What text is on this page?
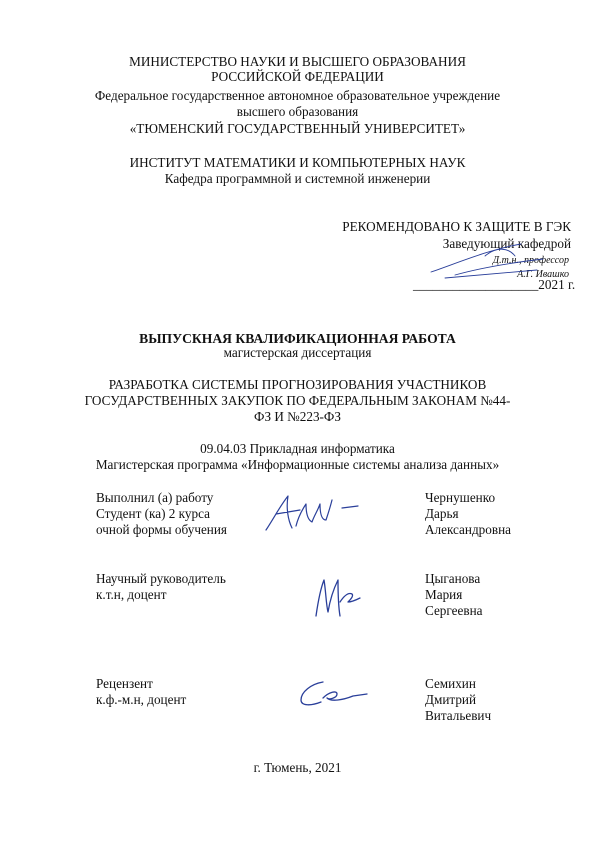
МИНИСТЕРСТВО НАУКИ И ВЫСШЕГО ОБРАЗОВАНИЯ
РОССИЙСКОЙ ФЕДЕРАЦИИ
Федеральное государственное автономное образовательное учреждение
высшего образования
«ТЮМЕНСКИЙ ГОСУДАРСТВЕННЫЙ УНИВЕРСИТЕТ»
ИНСТИТУТ МАТЕМАТИКИ И КОМПЬЮТЕРНЫХ НАУК
Кафедра программной и системной инженерии
РЕКОМЕНДОВАНО К ЗАЩИТЕ В ГЭК
Заведующий кафедрой
Д.т.н., профессор
А.Г. Ивашко
___________________2021 г.
ВЫПУСКНАЯ КВАЛИФИКАЦИОННАЯ РАБОТА
магистерская диссертация
РАЗРАБОТКА СИСТЕМЫ ПРОГНОЗИРОВАНИЯ УЧАСТНИКОВ
ГОСУДАРСТВЕННЫХ ЗАКУПОК ПО ФЕДЕРАЛЬНЫМ ЗАКОНАМ №44-
ФЗ И №223-ФЗ
09.04.03 Прикладная информатика
Магистерская программа «Информационные системы анализа данных»
Выполнил (а) работу
Студент (ка) 2 курса
очной формы обучения
Чернушенко
Дарья
Александровна
Научный руководитель
к.т.н, доцент
Цыганова
Мария
Сергеевна
Рецензент
к.ф.-м.н, доцент
Семихин
Дмитрий
Витальевич
г. Тюмень, 2021
